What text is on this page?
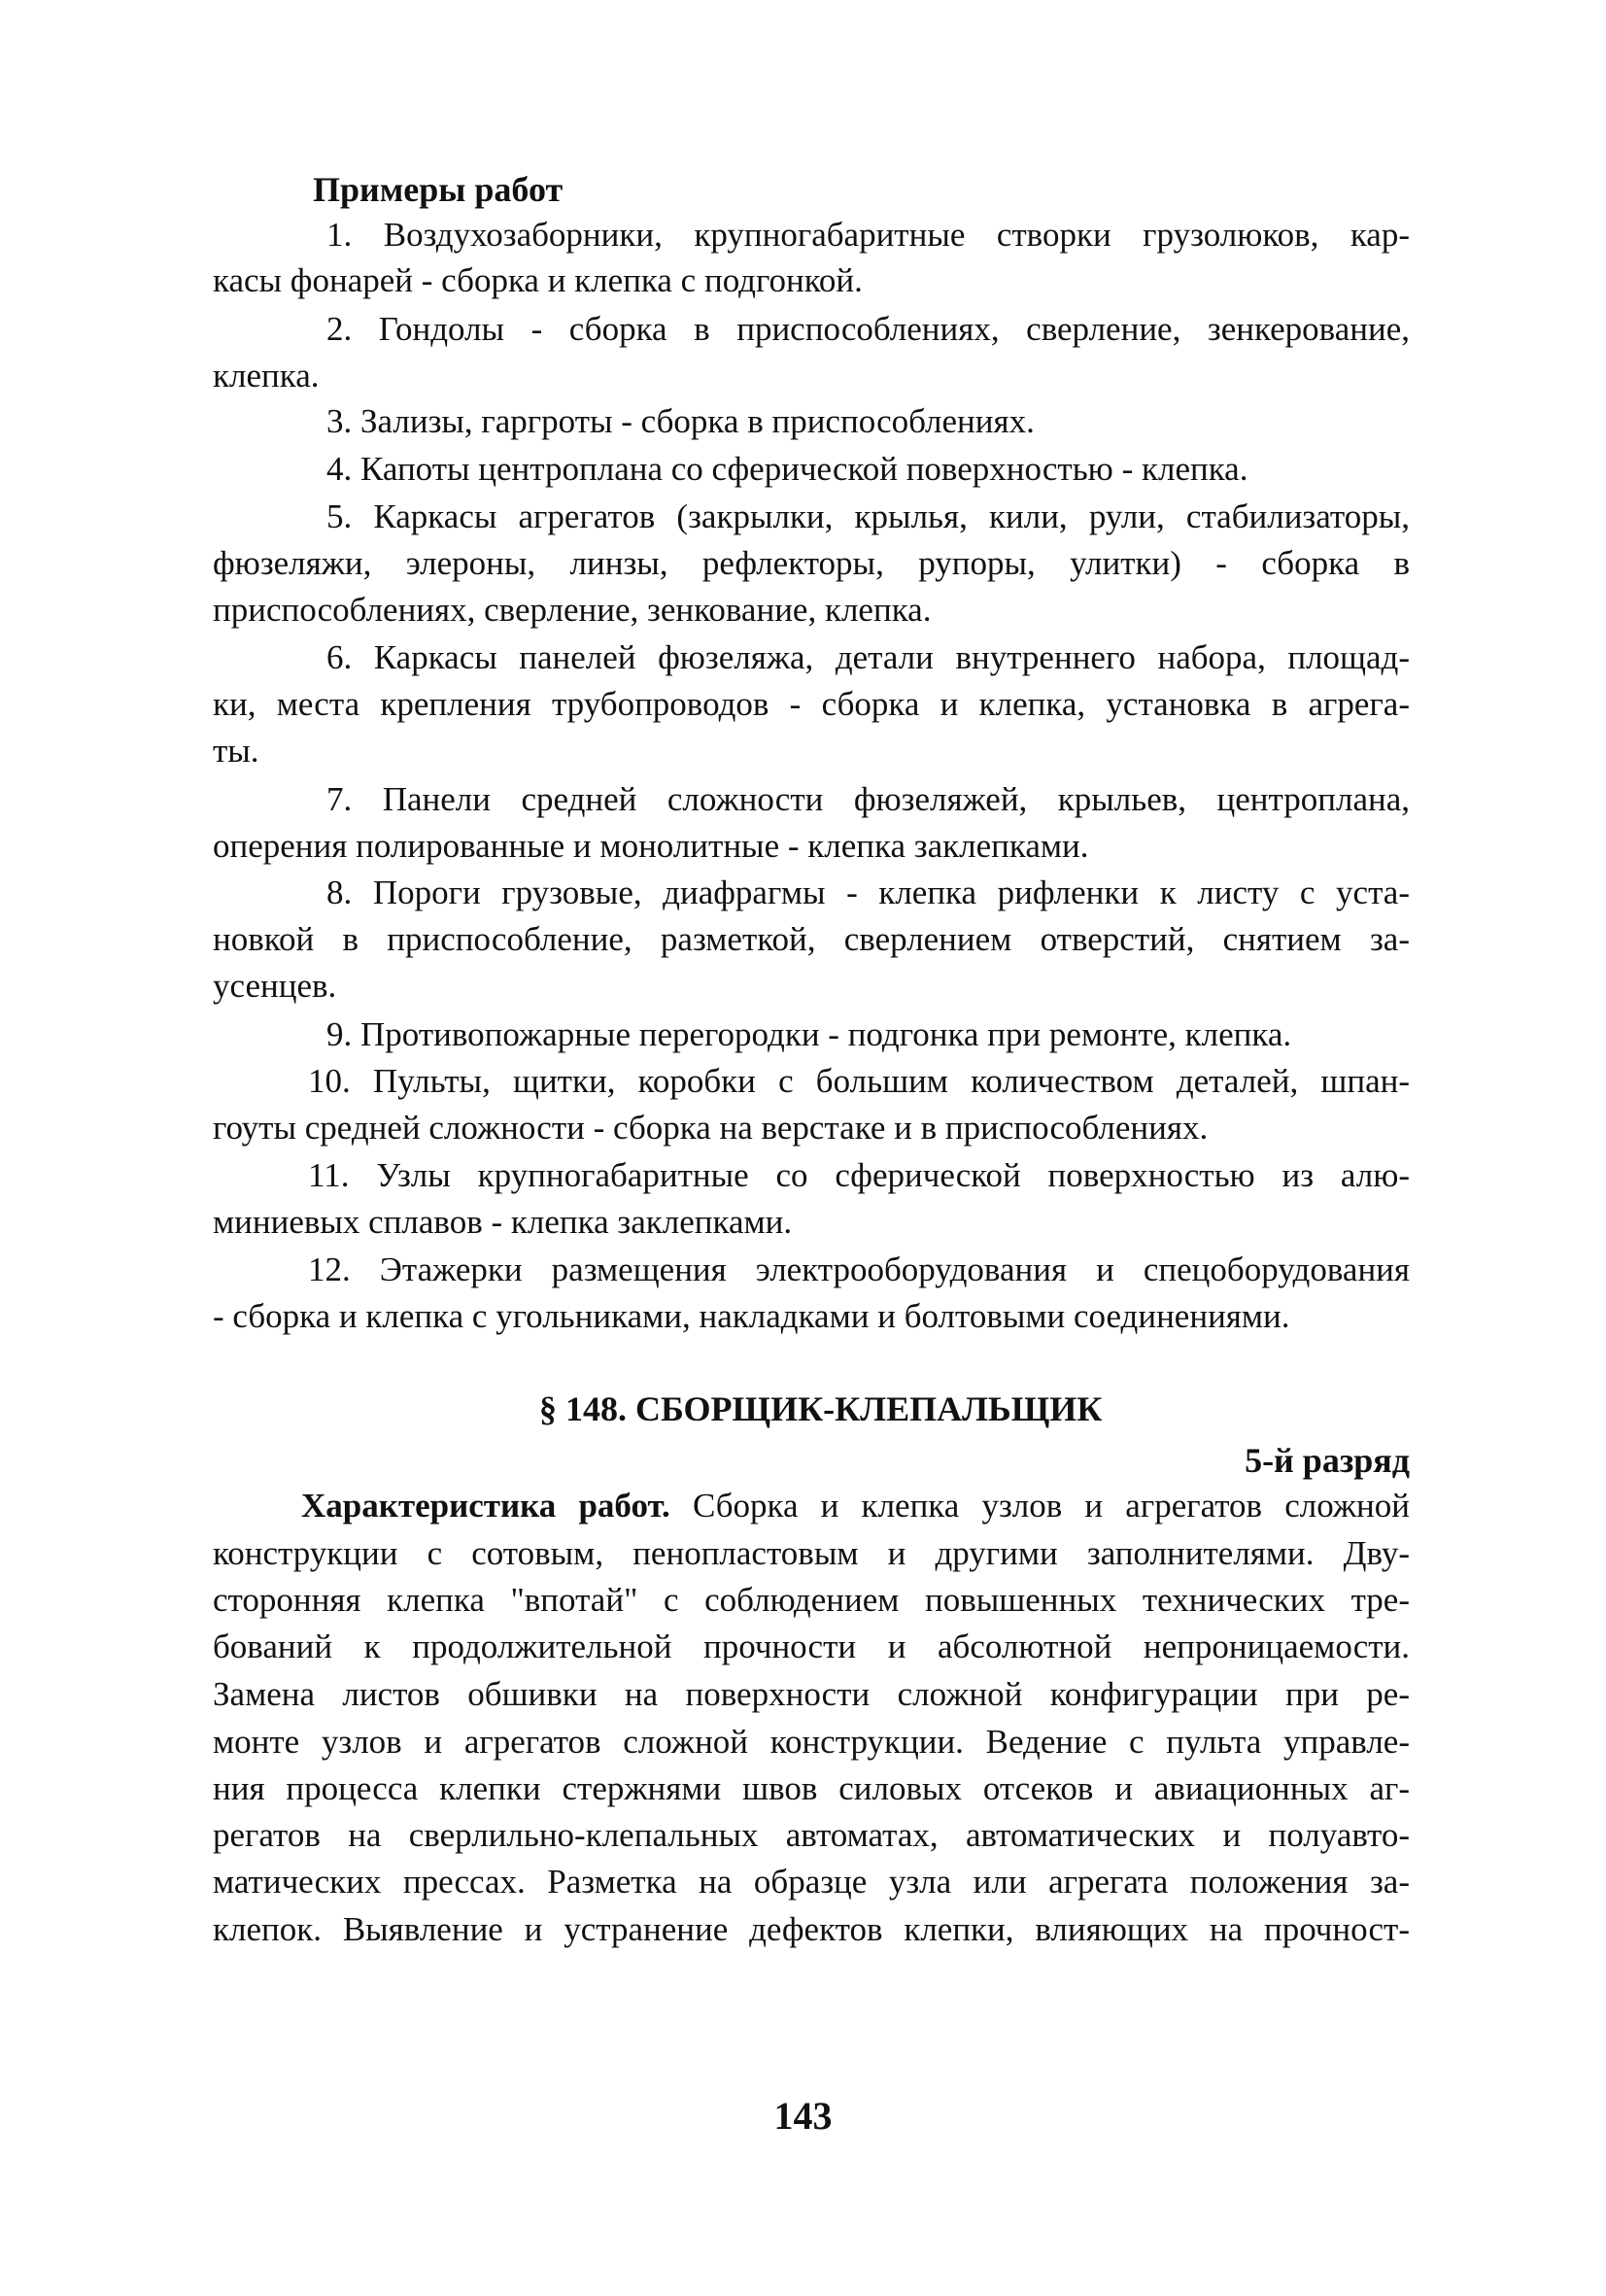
Примеры работ
1. Воздухозаборники, крупногабаритные створки грузолюков, кар-
касы фонарей - сборка и клепка с подгонкой.
2. Гондолы - сборка в приспособлениях, сверление, зенкерование,
клепка.
3. Зализы, гаргроты - сборка в приспособлениях.
4. Капоты центроплана со сферической поверхностью - клепка.
5. Каркасы агрегатов (закрылки, крылья, кили, рули, стабилизаторы,
фюзеляжи, элероны, линзы, рефлекторы, рупоры, улитки) - сборка в
приспособлениях, сверление, зенкование, клепка.
6. Каркасы панелей фюзеляжа, детали внутреннего набора, площад-
ки, места крепления трубопроводов - сборка и клепка, установка в агрега-
ты.
7. Панели средней сложности фюзеляжей, крыльев, центроплана,
оперения полированные и монолитные - клепка заклепками.
8. Пороги грузовые, диафрагмы - клепка рифленки к листу с уста-
новкой в приспособление, разметкой, сверлением отверстий, снятием за-
усенцев.
9. Противопожарные перегородки - подгонка при ремонте, клепка.
10. Пульты, щитки, коробки с большим количеством деталей, шпан-
гоуты средней сложности - сборка на верстаке и в приспособлениях.
11. Узлы крупногабаритные со сферической поверхностью из алю-
миниевых сплавов - клепка заклепками.
12. Этажерки размещения электрооборудования и спецоборудования
- сборка и клепка с угольниками, накладками и болтовыми соединениями.
§ 148. СБОРЩИК-КЛЕПАЛЬЩИК
5-й разряд
Характеристика работ. Сборка и клепка узлов и агрегатов сложной
конструкции с сотовым, пенопластовым и другими заполнителями. Дву-
сторонняя клепка "впотай" с соблюдением повышенных технических тре-
бований к продолжительной прочности и абсолютной непроницаемости.
Замена листов обшивки на поверхности сложной конфигурации при ре-
монте узлов и агрегатов сложной конструкции. Ведение с пульта управле-
ния процесса клепки стержнями швов силовых отсеков и авиационных аг-
регатов на сверлильно-клепальных автоматах, автоматических и полуавто-
матических прессах. Разметка на образце узла или агрегата положения за-
клепок. Выявление и устранение дефектов клепки, влияющих на прочност-
143
